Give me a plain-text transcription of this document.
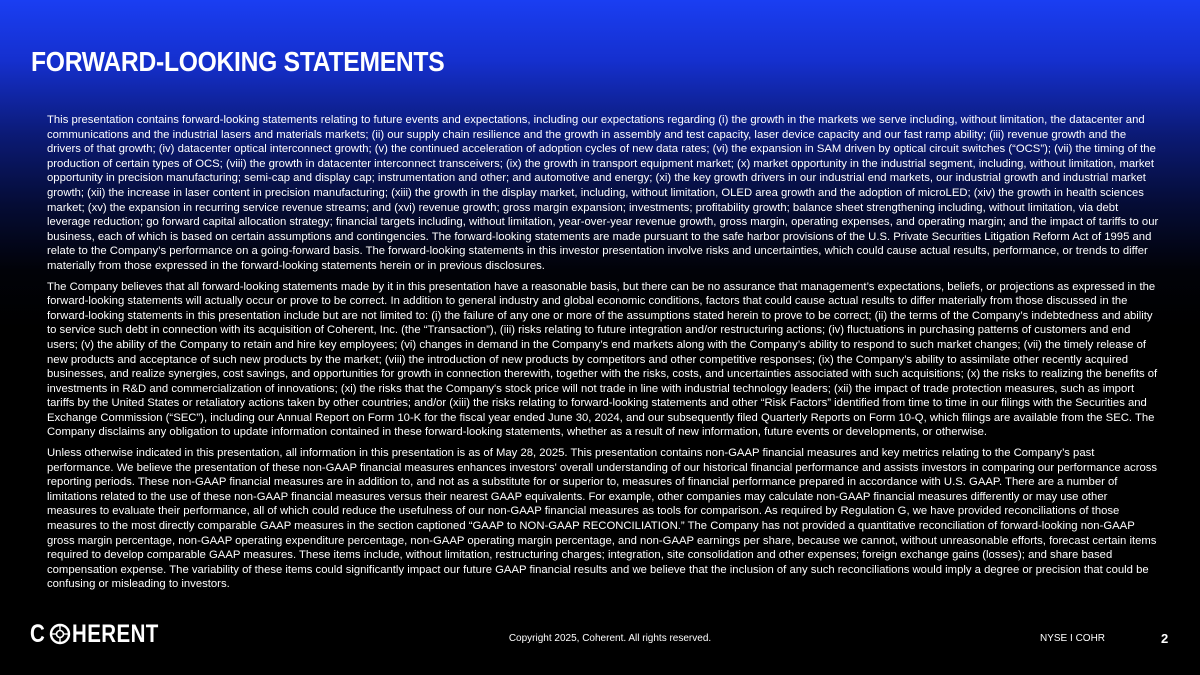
FORWARD-LOOKING STATEMENTS

This presentation contains forward-looking statements relating to future events and expectations, including our expectations regarding (i) the growth in the markets we serve including, without limitation, the datacenter and communications and the industrial lasers and materials markets; (ii) our supply chain resilience and the growth in assembly and test capacity, laser device capacity and our fast ramp ability; (iii) revenue growth and the drivers of that growth; (iv) datacenter optical interconnect growth; (v) the continued acceleration of adoption cycles of new data rates; (vi) the expansion in SAM driven by optical circuit switches (“OCS”); (vii) the timing of the production of certain types of OCS; (viii) the growth in datacenter interconnect transceivers; (ix) the growth in transport equipment market; (x) market opportunity in the industrial segment, including, without limitation, market opportunity in precision manufacturing; semi-cap and display cap; instrumentation and other; and automotive and energy; (xi) the key growth drivers in our industrial end markets, our industrial growth and industrial market growth; (xii) the increase in laser content in precision manufacturing; (xiii) the growth in the display market, including, without limitation, OLED area growth and the adoption of microLED; (xiv) the growth in health sciences market; (xv) the expansion in recurring service revenue streams; and (xvi) revenue growth; gross margin expansion; investments; profitability growth; balance sheet strengthening including, without limitation, via debt leverage reduction; go forward capital allocation strategy; financial targets including, without limitation, year-over-year revenue growth, gross margin, operating expenses, and operating margin; and the impact of tariffs to our business, each of which is based on certain assumptions and contingencies. The forward-looking statements are made pursuant to the safe harbor provisions of the U.S. Private Securities Litigation Reform Act of 1995 and relate to the Company’s performance on a going-forward basis. The forward-looking statements in this investor presentation involve risks and uncertainties, which could cause actual results, performance, or trends to differ materially from those expressed in the forward-looking statements herein or in previous disclosures.

The Company believes that all forward-looking statements made by it in this presentation have a reasonable basis, but there can be no assurance that management’s expectations, beliefs, or projections as expressed in the forward-looking statements will actually occur or prove to be correct. In addition to general industry and global economic conditions, factors that could cause actual results to differ materially from those discussed in the forward-looking statements in this presentation include but are not limited to: (i) the failure of any one or more of the assumptions stated herein to prove to be correct; (ii) the terms of the Company’s indebtedness and ability to service such debt in connection with its acquisition of Coherent, Inc. (the “Transaction”), (iii) risks relating to future integration and/or restructuring actions; (iv) fluctuations in purchasing patterns of customers and end users; (v) the ability of the Company to retain and hire key employees; (vi) changes in demand in the Company’s end markets along with the Company’s ability to respond to such market changes; (vii) the timely release of new products and acceptance of such new products by the market; (viii) the introduction of new products by competitors and other competitive responses; (ix) the Company’s ability to assimilate other recently acquired businesses, and realize synergies, cost savings, and opportunities for growth in connection therewith, together with the risks, costs, and uncertainties associated with such acquisitions; (x) the risks to realizing the benefits of investments in R&D and commercialization of innovations; (xi) the risks that the Company's stock price will not trade in line with industrial technology leaders; (xii) the impact of trade protection measures, such as import tariffs by the United States or retaliatory actions taken by other countries; and/or (xiii) the risks relating to forward-looking statements and other “Risk Factors” identified from time to time in our filings with the Securities and Exchange Commission (“SEC”), including our Annual Report on Form 10-K for the fiscal year ended June 30, 2024, and our subsequently filed Quarterly Reports on Form 10-Q, which filings are available from the SEC. The Company disclaims any obligation to update information contained in these forward-looking statements, whether as a result of new information, future events or developments, or otherwise.

Unless otherwise indicated in this presentation, all information in this presentation is as of May 28, 2025. This presentation contains non-GAAP financial measures and key metrics relating to the Company’s past performance. We believe the presentation of these non-GAAP financial measures enhances investors' overall understanding of our historical financial performance and assists investors in comparing our performance across reporting periods. These non-GAAP financial measures are in addition to, and not as a substitute for or superior to, measures of financial performance prepared in accordance with U.S. GAAP. There are a number of limitations related to the use of these non-GAAP financial measures versus their nearest GAAP equivalents. For example, other companies may calculate non-GAAP financial measures differently or may use other measures to evaluate their performance, all of which could reduce the usefulness of our non-GAAP financial measures as tools for comparison. As required by Regulation G, we have provided reconciliations of those measures to the most directly comparable GAAP measures in the section captioned “GAAP to NON-GAAP RECONCILIATION.” The Company has not provided a quantitative reconciliation of forward-looking non-GAAP gross margin percentage, non-GAAP operating expenditure percentage, non-GAAP operating margin percentage, and non-GAAP earnings per share, because we cannot, without unreasonable efforts, forecast certain items required to develop comparable GAAP measures. These items include, without limitation, restructuring charges; integration, site consolidation and other expenses; foreign exchange gains (losses); and share based compensation expense. The variability of these items could significantly impact our future GAAP financial results and we believe that the inclusion of any such reconciliations would imply a degree or precision that could be confusing or misleading to investors.

C HERENT	Copyright 2025, Coherent. All rights reserved.	NYSE I COHR	2
